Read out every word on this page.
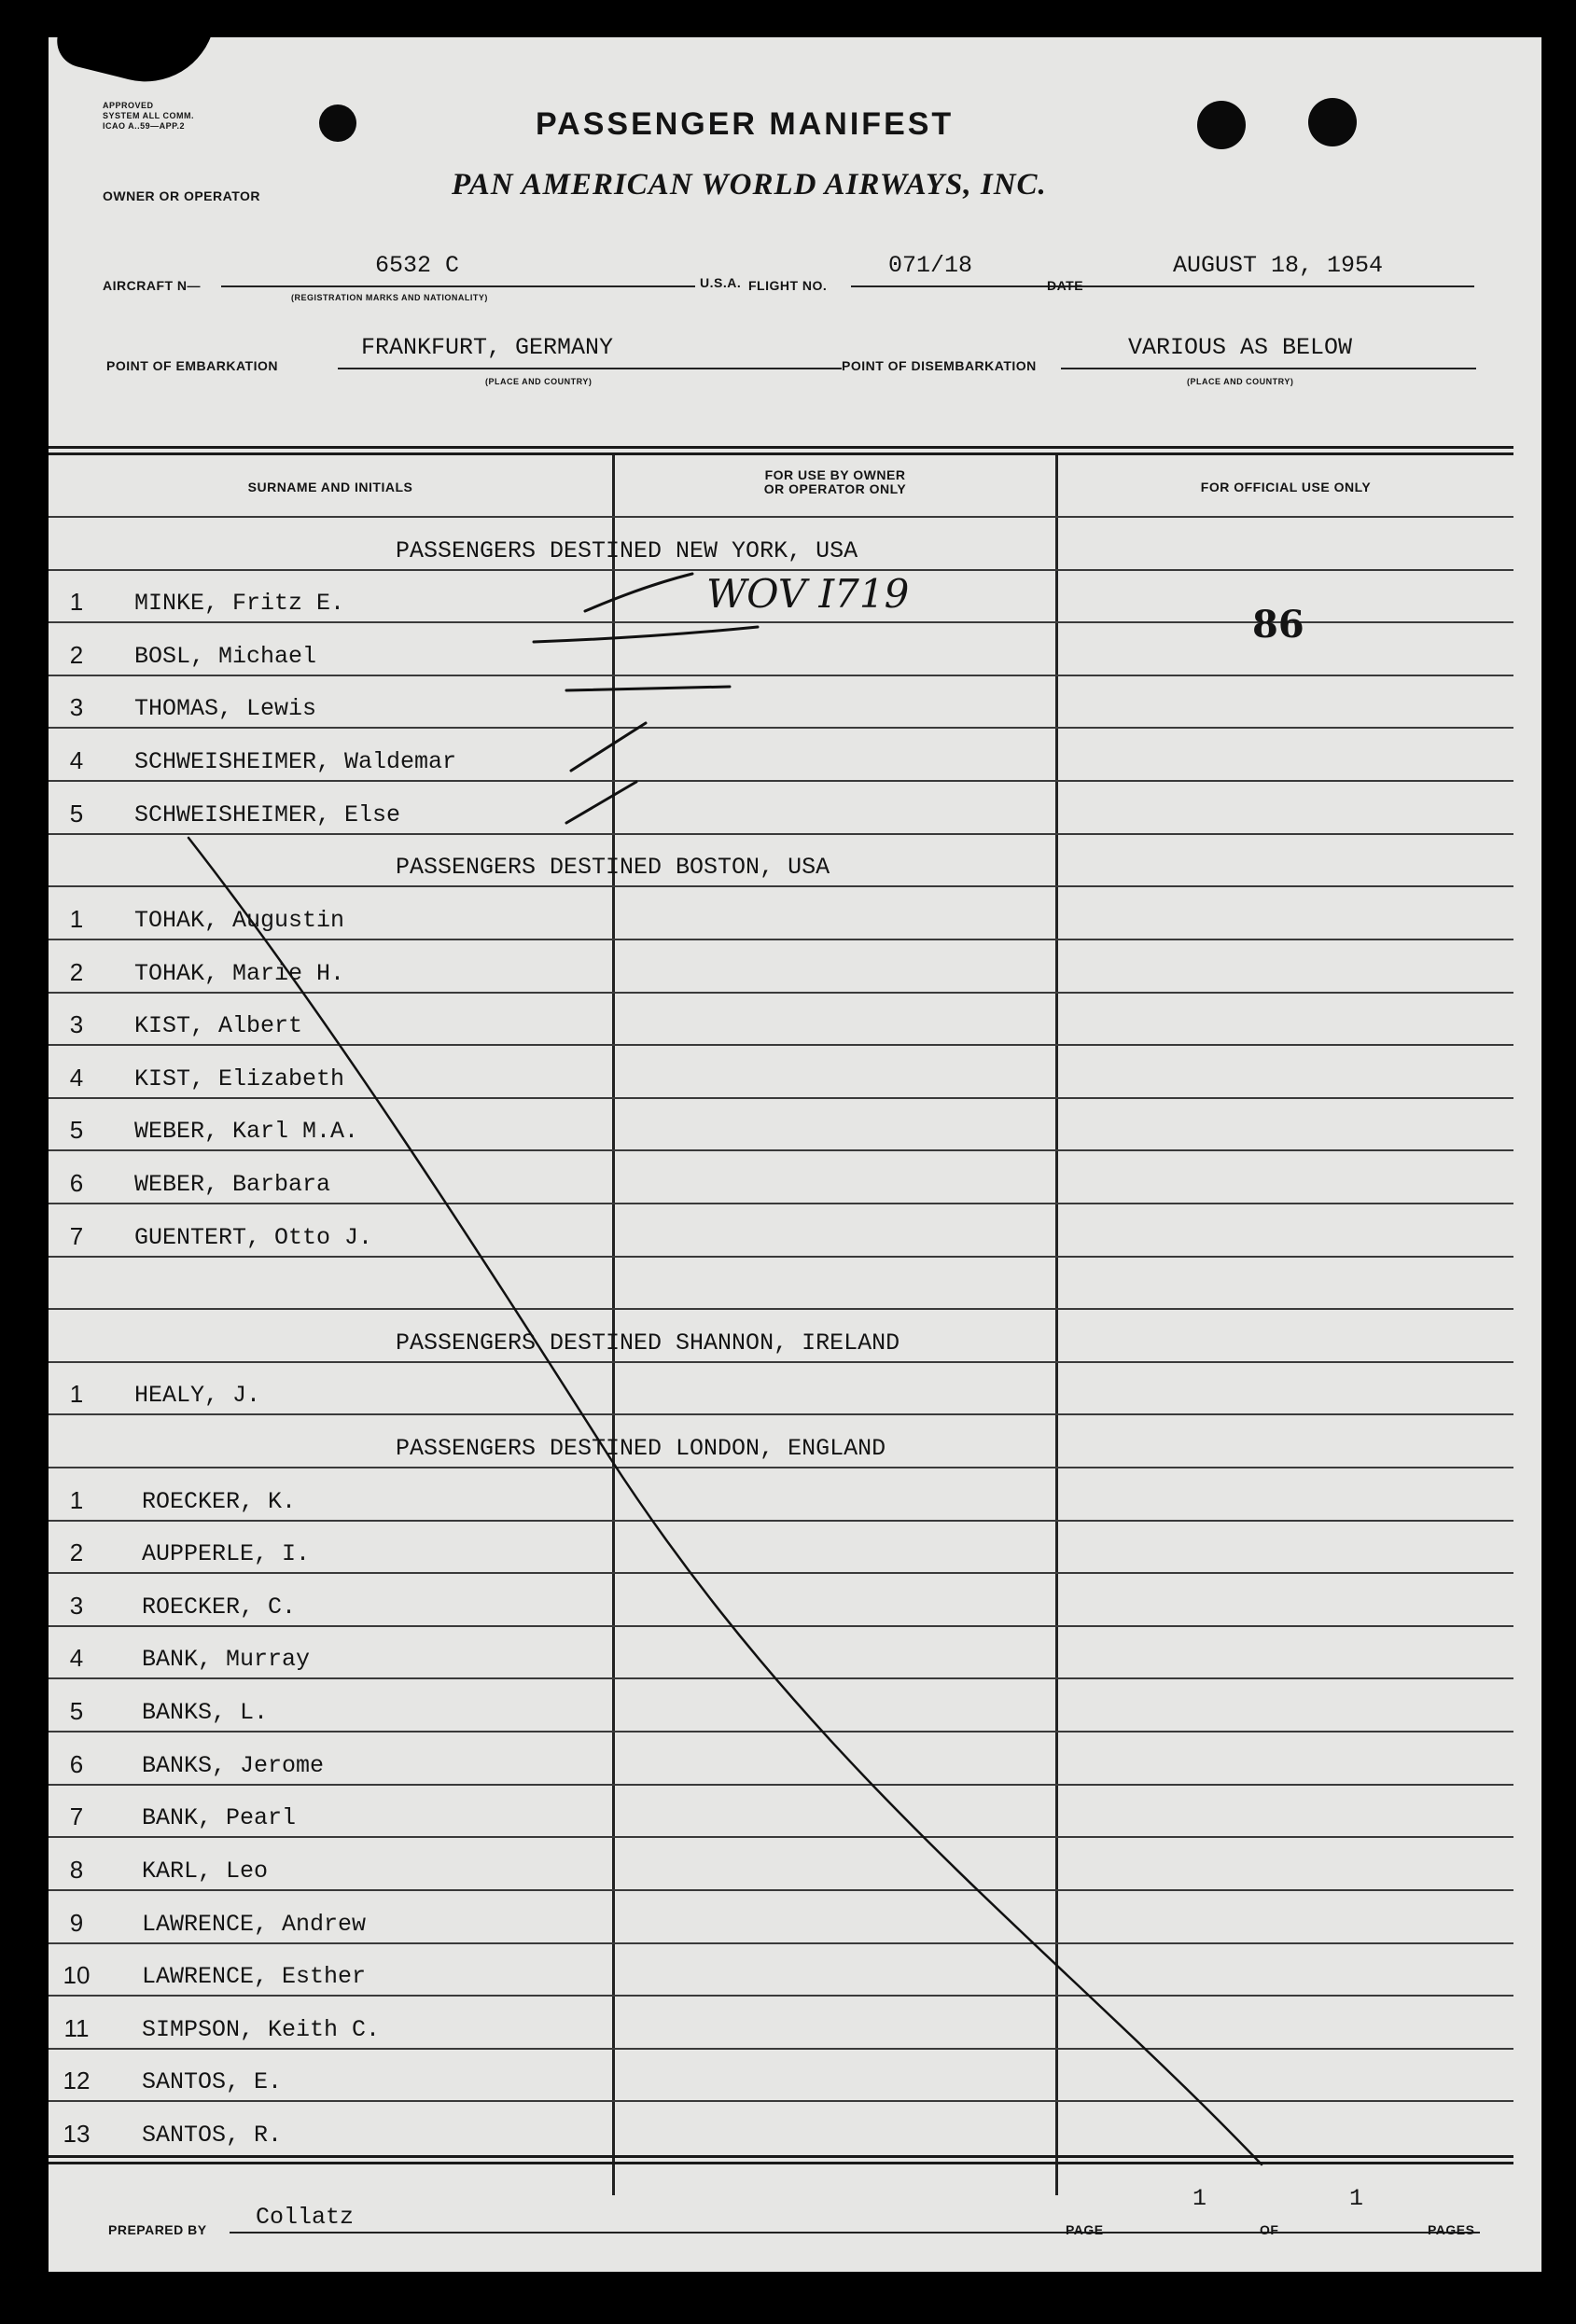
APPROVED
SYSTEM ALL COMM.
ICAO A..59—APP.2	PASSENGER MANIFEST
OWNER OR OPERATOR	PAN AMERICAN WORLD AIRWAYS, INC.
AIRCRAFT N—
6532 C
(REGISTRATION MARKS AND NATIONALITY)
U.S.A. FLIGHT NO.
071/18
DATE
AUGUST 18, 1954
POINT OF EMBARKATION
FRANKFURT, GERMANY
(PLACE AND COUNTRY)
POINT OF DISEMBARKATION
VARIOUS AS BELOW
(PLACE AND COUNTRY)
SURNAME AND INITIALS
FOR USE BY OWNER
OR OPERATOR ONLY	FOR OFFICIAL USE ONLY
PASSENGERS DESTINED NEW YORK, USA
1	MINKE, Fritz E.
2	BOSL, Michael
3	THOMAS, Lewis
4	SCHWEISHEIMER, Waldemar
5	SCHWEISHEIMER, Else
PASSENGERS DESTINED BOSTON, USA
1	TOHAK, Augustin
2	TOHAK, Marie H.
3	KIST, Albert
4	KIST, Elizabeth
5	WEBER, Karl M.A.
6	WEBER, Barbara
7	GUENTERT, Otto J.
PASSENGERS DESTINED SHANNON, IRELAND
1	HEALY, J.
PASSENGERS DESTINED LONDON, ENGLAND
1	ROECKER, K.
2	AUPPERLE, I.
3	ROECKER, C.
4	BANK, Murray
5	BANKS, L.
6	BANKS, Jerome
7	BANK, Pearl
8	KARL, Leo
9	LAWRENCE, Andrew
10 LAWRENCE, Esther
11 SIMPSON, Keith C.
12 SANTOS, E.
13 SANTOS, R.
PREPARED BY Collatz	PAGE
1
OF
1
PAGES
WOV I719
86
